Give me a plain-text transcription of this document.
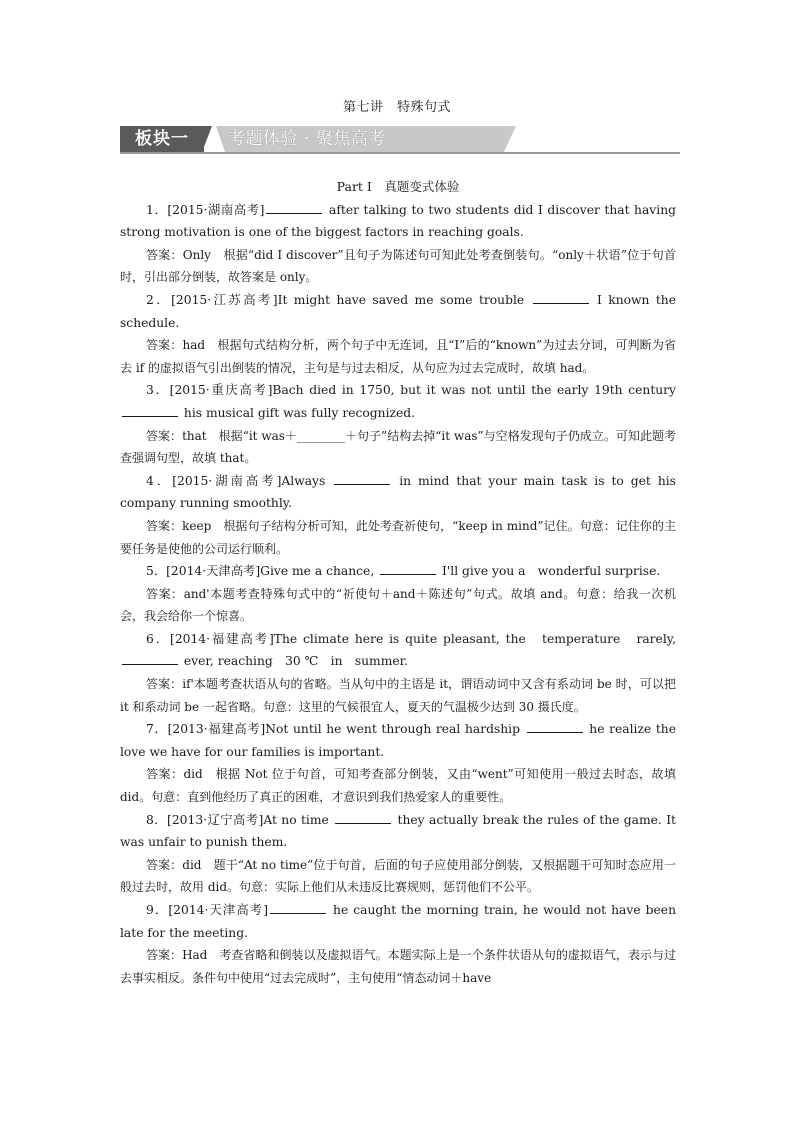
第七讲　特殊句式
板块一	考题体验 · 聚焦高考
Part Ⅰ　真题变式体验

1．[2015·湖南高考]	after talking to two students did I discover that having strong motivation is one of the biggest factors in reaching goals.

答案：Only　根据“did I discover”且句子为陈述句可知此处考查倒装句。“only＋状语”位于句首时，引出部分倒装，故答案是 only。

2．[2015·江苏高考]It might have saved me some trouble	I known the schedule.

答案：had　根据句式结构分析，两个句子中无连词，且“I”后的“known”为过去分词，可判断为省去 if 的虚拟语气引出倒装的情况，主句是与过去相反，从句应为过去完成时，故填 had。

3．[2015·重庆高考]Bach died in 1750, but it was not until the early 19th century  his musical gift was fully recognized.

答案：that　根据“it was＋________＋句子”结构去掉“it was”与空格发现句子仍成立。可知此题考查强调句型，故填 that。

4．[2015·湖南高考]Always	in mind that your main task is to get his company running smoothly.

答案：keep　根据句子结构分析可知，此处考查祈使句，“keep in mind”记住。句意：记住你的主要任务是使他的公司运行顺利。

5．[2014·天津高考]Give me a chance,	I'll give you a　wonderful surprise.

答案：and'本题考查特殊句式中的“祈使句＋and＋陈述句”句式。故填 and。句意：给我一次机会，我会给你一个惊喜。

6．[2014·福建高考]The climate here is quite pleasant, the　temperature　rarely,  ever, reaching　30 ℃　in　summer.

答案：if'本题考查状语从句的省略。当从句中的主语是 it，谓语动词中又含有系动词 be 时，可以把 it 和系动词 be 一起省略。句意：这里的气候很宜人，夏天的气温极少达到 30 摄氏度。

7．[2013·福建高考]Not until he went through real hardship	he realize the love we have for our families is important.

答案：did　根据 Not 位于句首，可知考查部分倒装，又由“went”可知使用一般过去时态，故填 did。句意：直到他经历了真正的困难，才意识到我们热爱家人的重要性。

8．[2013·辽宁高考]At no time	they actually break the rules of the game. It was unfair to punish them.

答案：did　题干“At no time”位于句首，后面的句子应使用部分倒装，又根据题干可知时态应用一般过去时，故用 did。句意：实际上他们从未违反比赛规则，惩罚他们不公平。

9．[2014·天津高考]	he caught the morning train, he would not have been late for the meeting.

答案：Had　考查省略和倒装以及虚拟语气。本题实际上是一个条件状语从句的虚拟语气，表示与过去事实相反。条件句中使用“过去完成时”，主句使用“情态动词＋have
